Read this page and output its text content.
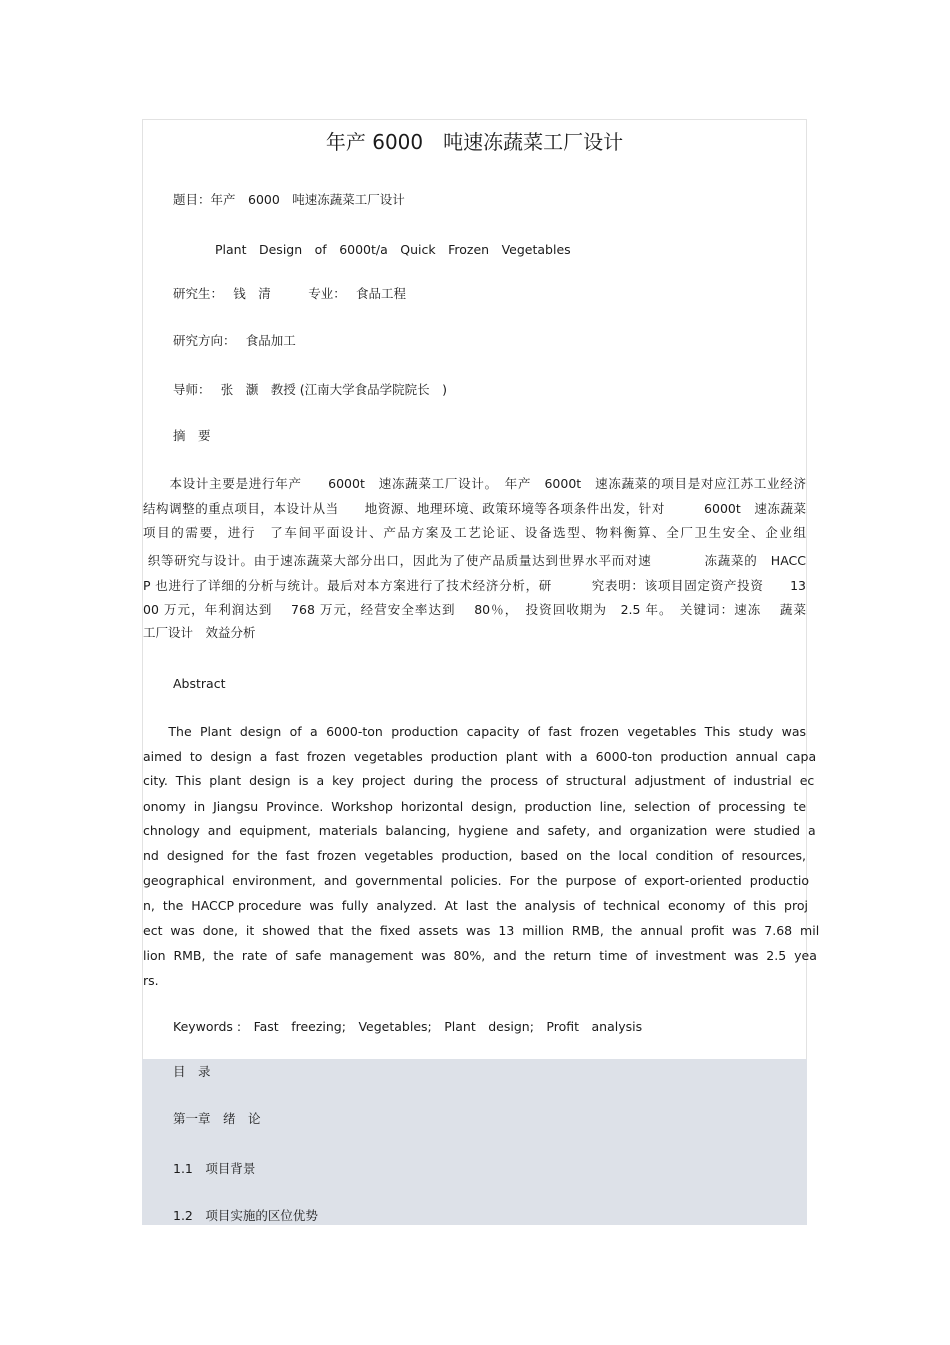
年产 6000　吨速冻蔬菜工厂设计
题目：年产　6000　吨速冻蔬菜工厂设计
Plant　Design　of　6000t/a　Quick　Frozen　Vegetables
研究生：　 钱　清　　　专业：　 食品工程
研究方向：　 食品加工
导师：　 张　灏　教授 (江南大学食品学院院长　)
摘　要
　　本设计主要是进行年产　　6000t　速冻蔬菜工厂设计。　年产　6000t　速冻蔬菜的项目是对应江苏工业经济
结构调整的重点项目，本设计从当　　地资源、地理环境、政策环境等各项条件出发，针对　　　6000t　速冻蔬菜
项目的需要，进行　了车间平面设计、产品方案及工艺论证、设备选型、物料衡算、全厂卫生安全、企业组
织等研究与设计。由于速冻蔬菜大部分出口，因此为了使产品质量达到世界水平而对速　　　　冻蔬菜的　HACC
P 也进行了详细的分析与统计。最后对本方案进行了技术经济分析，研　　　究表明：该项目固定资产投资　　13
00 万元，年利润达到　 768 万元，经营安全率达到　 80％，　投资回收期为　2.5 年。　关键词：速冻　 蔬菜
工厂设计　效益分析
Abstract
　　The  Plant  design  of  a  6000-ton  production  capacity  of  fast  frozen  vegetables  This  study  was
aimed  to  design  a  fast  frozen  vegetables  production  plant  with  a  6000-ton  production  annual  capa
city.  This  plant  design  is  a  key  project  during  the  process  of  structural  adjustment  of  industrial  ec
onomy  in  Jiangsu  Province.  Workshop  horizontal  design,  production  line,  selection  of  processing  te
chnology  and  equipment,  materials  balancing,  hygiene  and  safety,  and  organization  were  studied  a
nd  designed  for  the  fast  frozen  vegetables  production,  based  on  the  local  condition  of  resources,
geographical  environment,  and  governmental  policies.  For  the  purpose  of  export-oriented  productio
n,  the  HACCP procedure  was  fully  analyzed.  At  last  the  analysis  of  technical  economy  of  this  proj
ect  was  done,  it  showed  that  the  fixed  assets  was  13  million  RMB,  the  annual  profit  was  7.68  mil
lion  RMB,  the  rate  of  safe  management  was  80%,  and  the  return  time  of  investment  was  2.5  yea
rs.
Keywords :　Fast　freezing;　Vegetables;　Plant　design;　Profit　analysis
目　录
第一章　绪　论
1.1　项目背景
1.2　项目实施的区位优势
